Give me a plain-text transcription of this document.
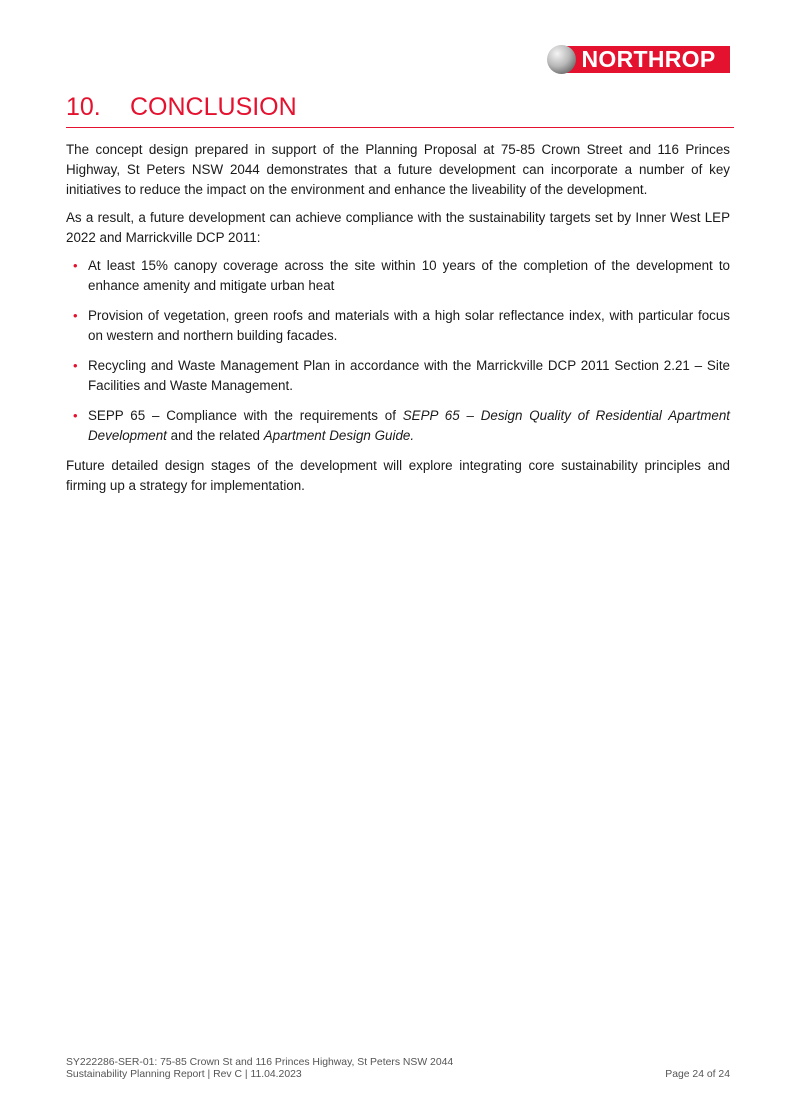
NORTHROP
10.	CONCLUSION

The concept design prepared in support of the Planning Proposal at 75-85 Crown Street and 116 Princes Highway, St Peters NSW 2044 demonstrates that a future development can incorporate a number of key initiatives to reduce the impact on the environment and enhance the liveability of the development.

As a result, a future development can achieve compliance with the sustainability targets set by Inner West LEP 2022 and Marrickville DCP 2011:

• At least 15% canopy coverage across the site within 10 years of the completion of the development to enhance amenity and mitigate urban heat
• Provision of vegetation, green roofs and materials with a high solar reflectance index, with particular focus on western and northern building facades.
• Recycling and Waste Management Plan in accordance with the Marrickville DCP 2011 Section 2.21 – Site Facilities and Waste Management.
• SEPP 65 – Compliance with the requirements of SEPP 65 – Design Quality of Residential Apartment Development and the related Apartment Design Guide.

Future detailed design stages of the development will explore integrating core sustainability principles and firming up a strategy for implementation.

SY222286-SER-01: 75-85 Crown St and 116 Princes Highway, St Peters NSW 2044
Sustainability Planning Report | Rev C | 11.04.2023	Page 24 of 24
